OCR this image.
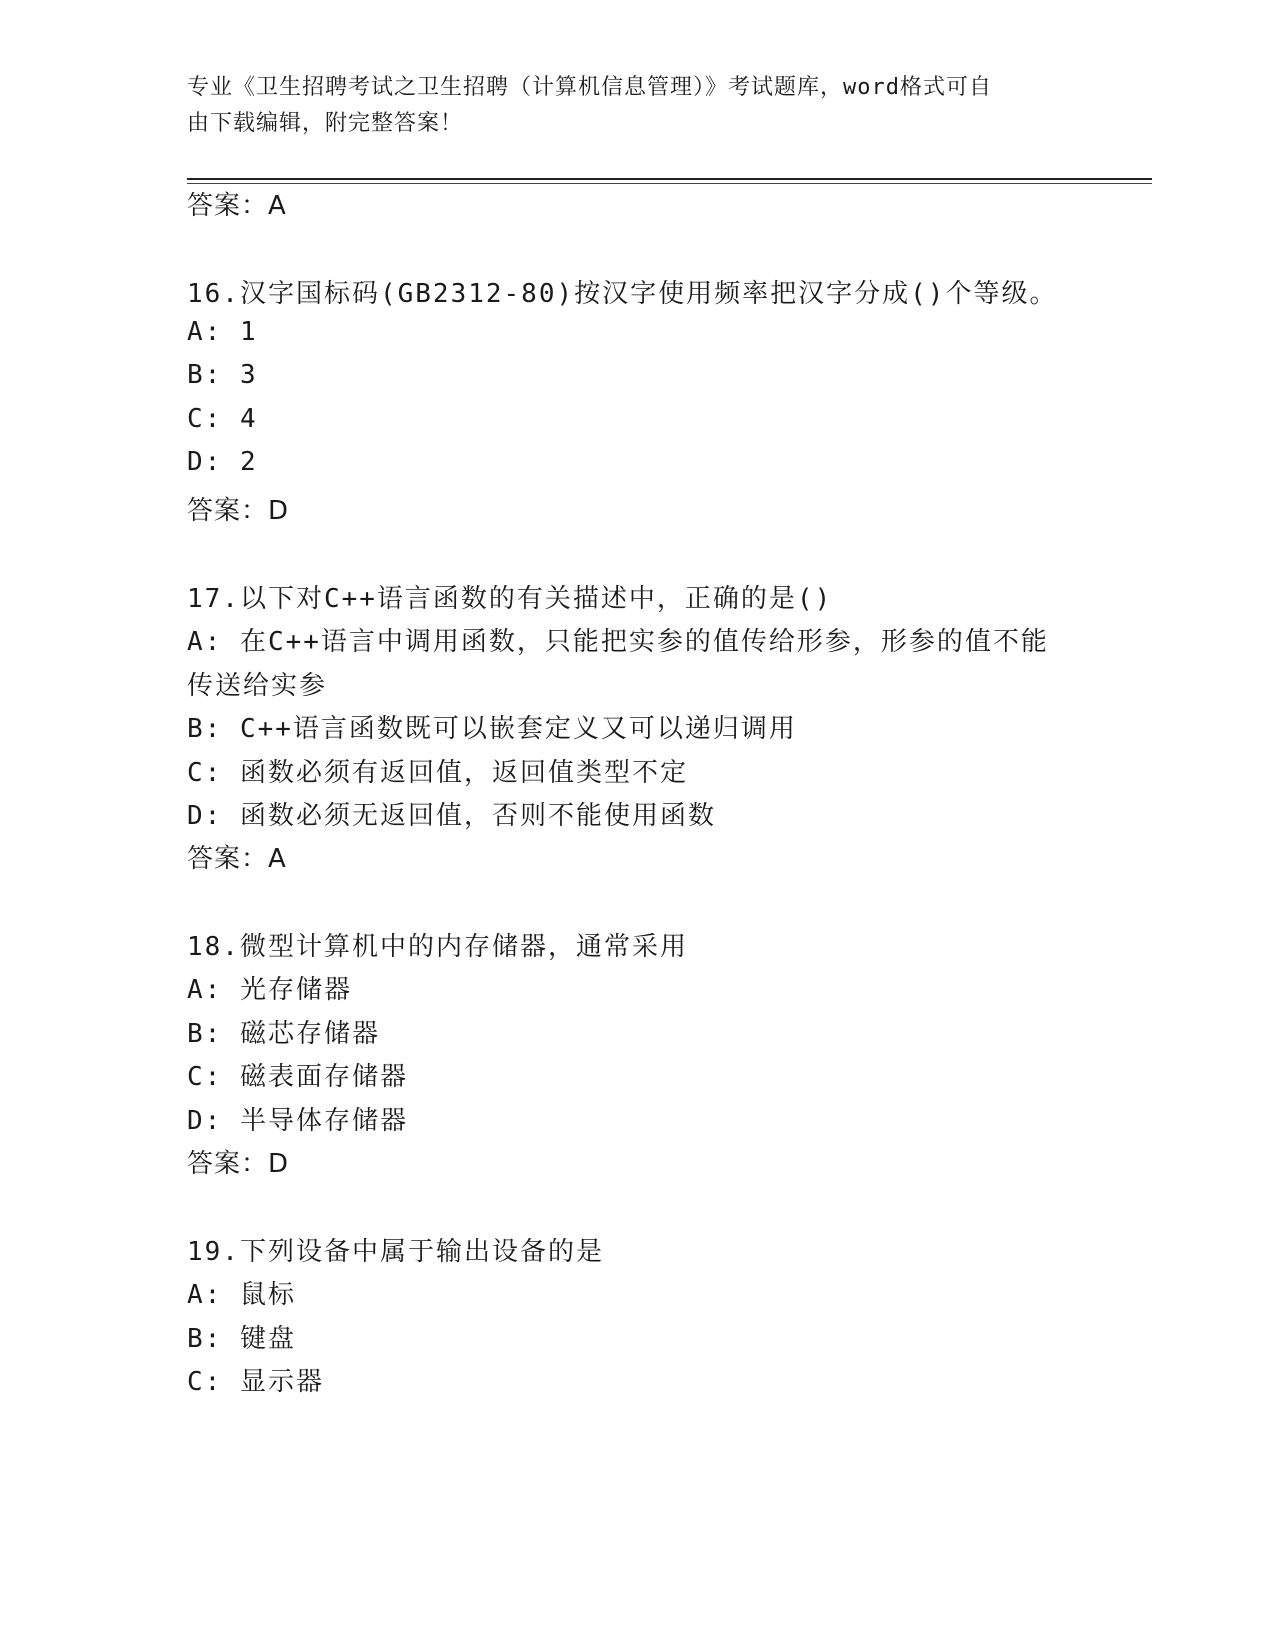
专业《卫生招聘考试之卫生招聘（计算机信息管理）》考试题库，word格式可自
由下载编辑，附完整答案！
答案：A
16.汉字国标码(GB2312-80)按汉字使用频率把汉字分成()个等级。
A: 1
B: 3
C: 4
D: 2
答案：D
17.以下对C++语言函数的有关描述中，正确的是()
A: 在C++语言中调用函数，只能把实参的值传给形参，形参的值不能
传送给实参
B: C++语言函数既可以嵌套定义又可以递归调用
C: 函数必须有返回值，返回值类型不定
D: 函数必须无返回值，否则不能使用函数
答案：A
18.微型计算机中的内存储器，通常采用
A: 光存储器
B: 磁芯存储器
C: 磁表面存储器
D: 半导体存储器
答案：D
19.下列设备中属于输出设备的是
A: 鼠标
B: 键盘
C: 显示器
